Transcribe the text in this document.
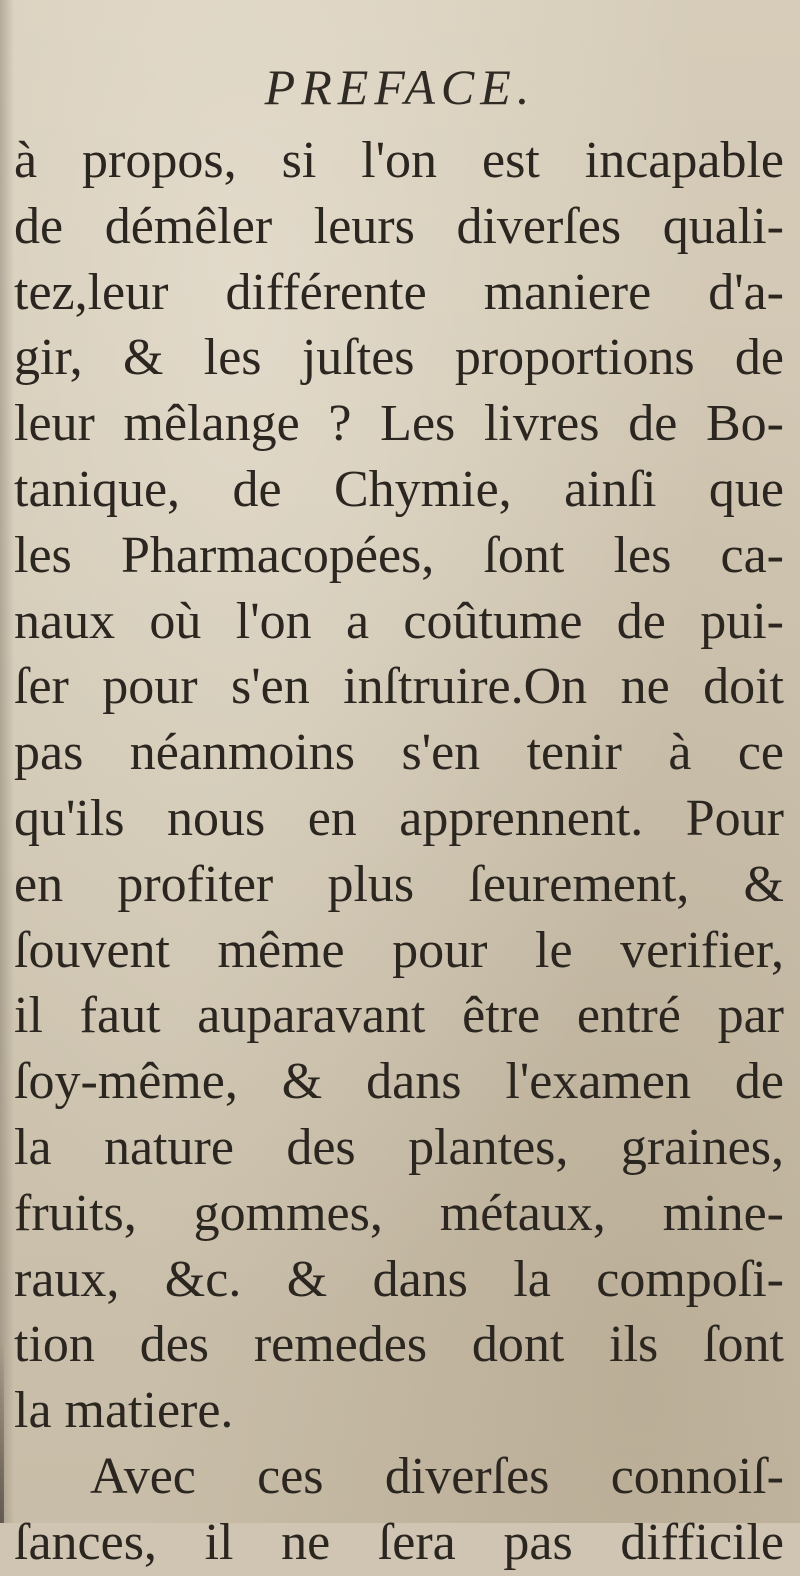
PREFACE.
à propos, si l'on est incapable
de démêler leurs diverſes quali-
tez,leur différente maniere d'a-
gir, & les juſtes proportions de
leur mêlange ? Les livres de Bo-
tanique, de Chymie, ainſi que
les Pharmacopées, ſont les ca-
naux où l'on a coûtume de pui-
ſer pour s'en inſtruire.On ne doit
pas néanmoins s'en tenir à ce
qu'ils nous en apprennent. Pour
en profiter plus ſeurement, &
ſouvent même pour le verifier,
il faut auparavant être entré par
ſoy-même, & dans l'examen de
la nature des plantes, graines,
fruits, gommes, métaux, mine-
raux, &c. & dans la compoſi-
tion des remedes dont ils ſont
la matiere.
Avec ces diverſes connoiſ-
ſances, il ne ſera pas difficile
